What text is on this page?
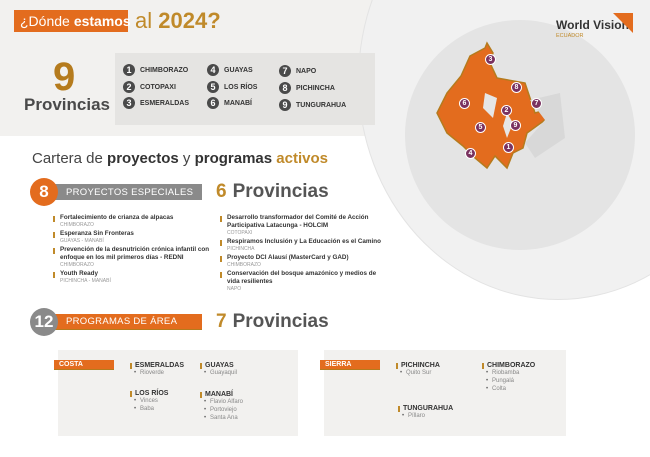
¿Dónde estamos al 2024?
9
Provincias
1	CHIMBORAZO
2	COTOPAXI
3	ESMERALDAS
4	GUAYAS
5	LOS RÍOS
6	MANABÍ
7	NAPO
8	PICHINCHA
9	TUNGURAHUA
World Vision
ECUADOR
3
8
6	7
2
5	9
1
4
Cartera de proyectos y programas activos
8	PROYECTOS ESPECIALES	6 Provincias
Fortalecimiento de crianza de alpacas
CHIMBORAZO
Esperanza Sin Fronteras
GUAYAS - MANABÍ
Prevención de la desnutrición crónica infantil con enfoque en los mil primeros días - REDNI
CHIMBORAZO
Youth Ready
PICHINCHA - MANABÍ
Desarrollo transformador del Comité de Acción Participativa Latacunga - HOLCIM
COTOPAXI
Respiramos Inclusión y La Educación es el Camino
PICHINCHA
Proyecto DCI Alausí (MasterCard y GAD)
CHIMBORAZO
Conservación del bosque amazónico y medios de vida resilientes
NAPO
12	PROGRAMAS DE ÁREA	7 Provincias
COSTA	ESMERALDAS
• Rioverde
GUAYAS
• Guayaquil
LOS RÍOS
• Vinces
• Baba
MANABÍ
• Flavio Alfaro
• Portoviejo
• Santa Ana
SIERRA	PICHINCHA
• Quito Sur
CHIMBORAZO
• Riobamba
• Pungalá
• Colta
TUNGURAHUA
• Píllaro
